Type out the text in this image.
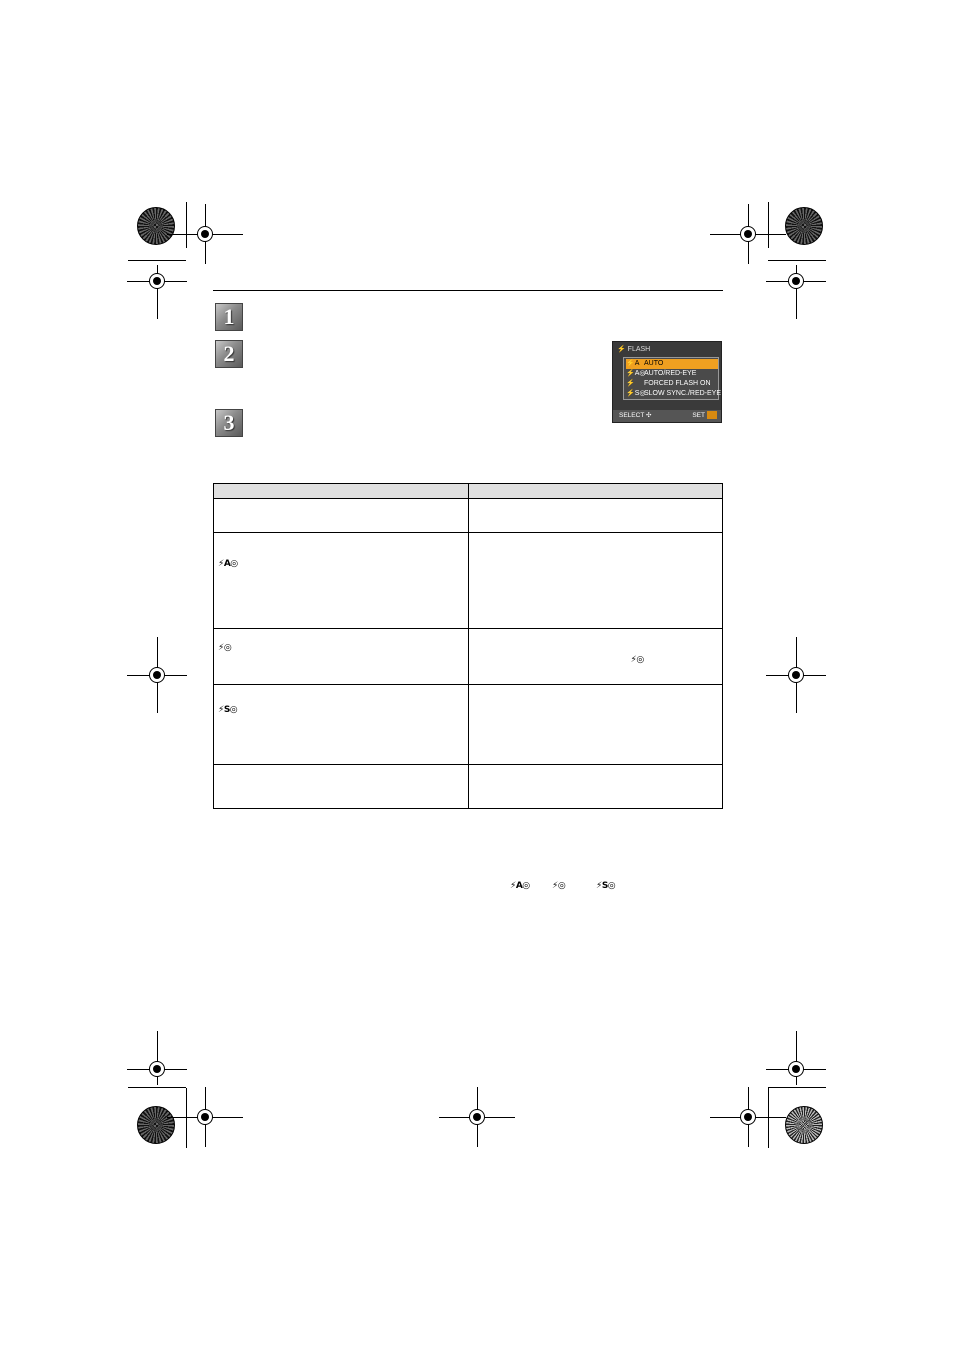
1
2
3
⚡ FLASH
⚡A AUTO
⚡A◎AUTO/RED-EYE
⚡ FORCED FLASH ON
⚡S◎SLOW SYNC./RED-EYE
SELECT ✣	SET

⚡A◎	
⚡◎	⚡◎

⚡S◎	

⚡A◎ ⚡◎	⚡S◎
